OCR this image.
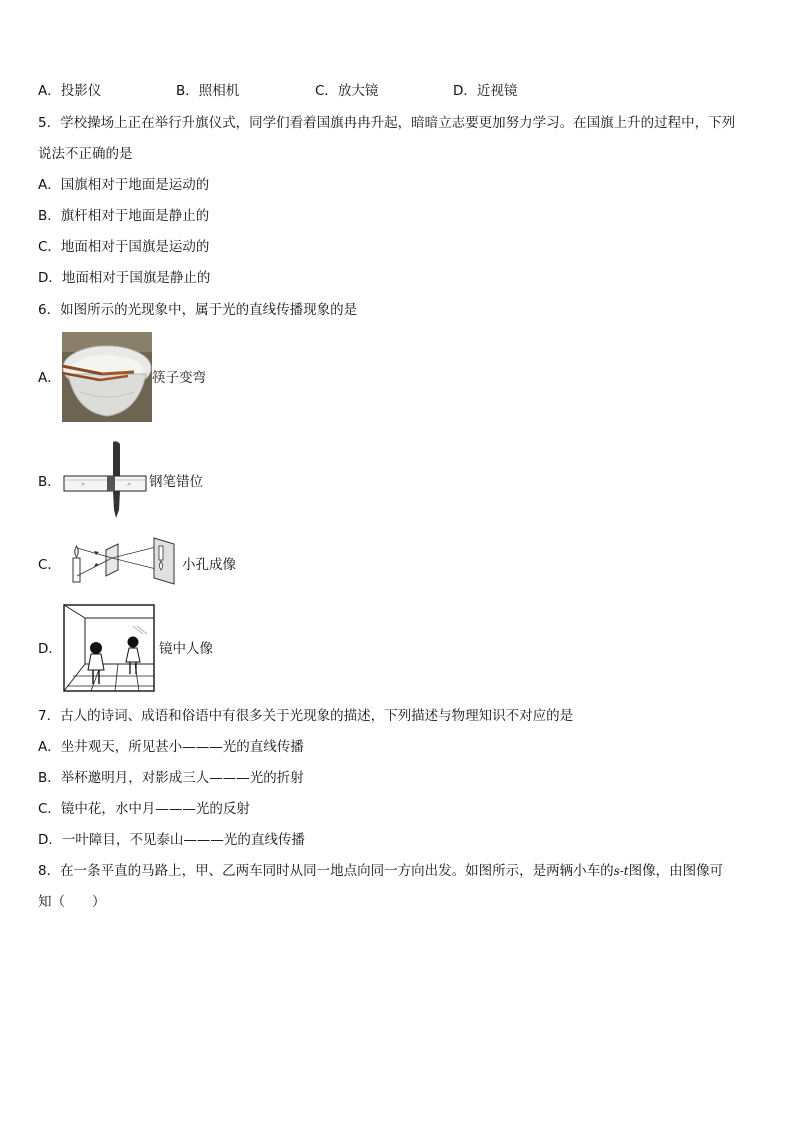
A．投影仪	B．照相机	C．放大镜	D．近视镜
5．学校操场上正在举行升旗仪式，同学们看着国旗冉冉升起，暗暗立志要更加努力学习。在国旗上升的过程中，下列
说法不正确的是
A．国旗相对于地面是运动的
B．旗杆相对于地面是静止的
C．地面相对于国旗是运动的
D．地面相对于国旗是静止的
6．如图所示的光现象中，属于光的直线传播现象的是
A．	筷子变弯
B．	〃	〃 钢笔错位
C．	小孔成像
D．	镜中人像
7．古人的诗词、成语和俗语中有很多关于光现象的描述，下列描述与物理知识不对应的是
A．坐井观天，所见甚小———光的直线传播
B．举杯邀明月，对影成三人———光的折射
C．镜中花，水中月———光的反射
D．一叶障目，不见泰山———光的直线传播
8．在一条平直的马路上，甲、乙两车同时从同一地点向同一方向出发。如图所示，是两辆小车的s-t图像，由图像可
知（　　）
